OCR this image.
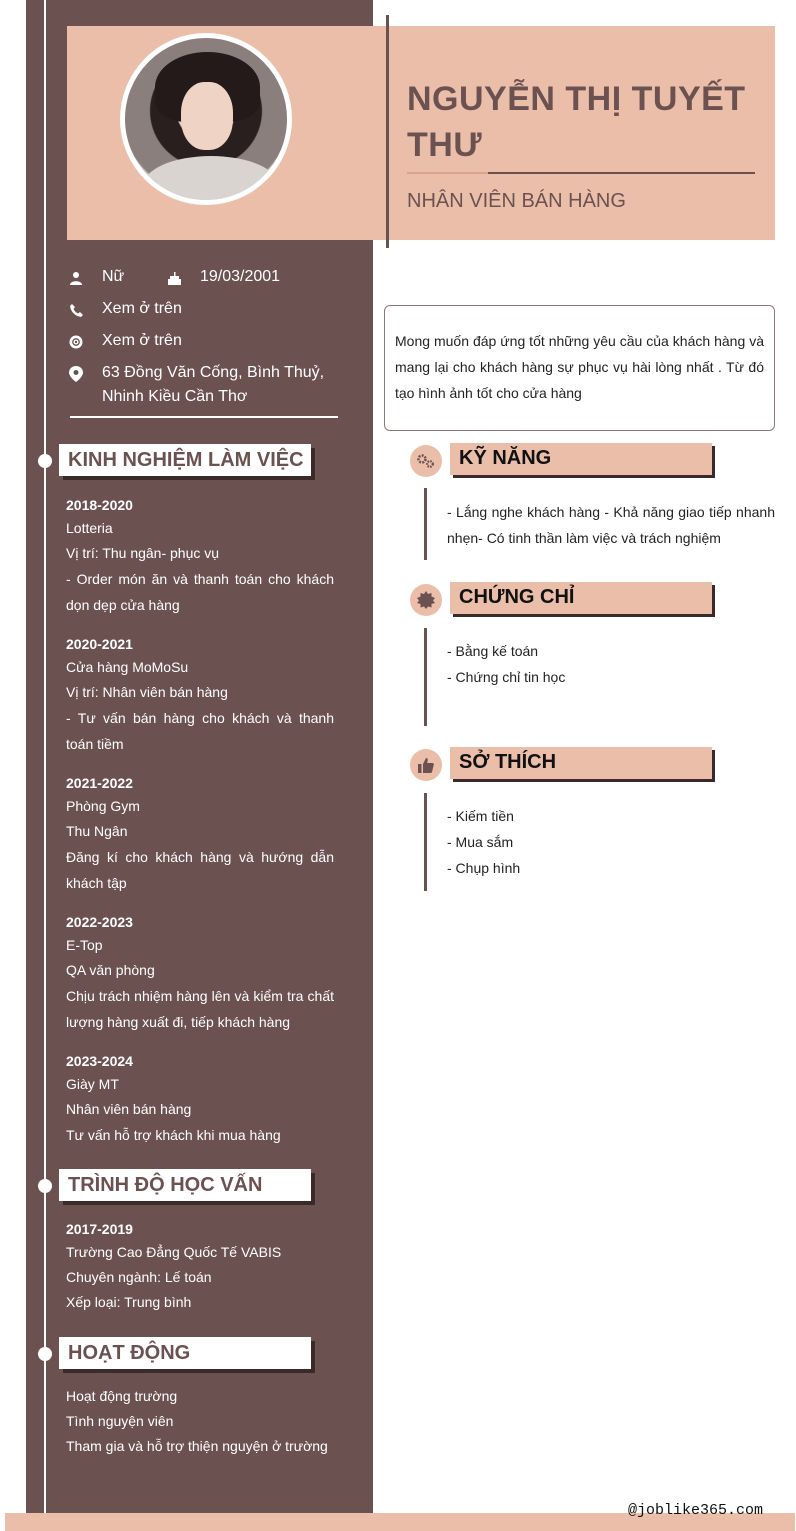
NGUYỄN THỊ TUYẾT THƯ
NHÂN VIÊN BÁN HÀNG
Nữ	19/03/2001
Xem ở trên
Xem ở trên
63 Đồng Văn Cống, Bình Thuỷ, Nhinh Kiều Cần Thơ
KINH NGHIỆM LÀM VIỆC
2018-2020
Lotteria
Vị trí: Thu ngân- phục vụ
- Order món ăn và thanh toán cho khách dọn dẹp cửa hàng
2020-2021
Cửa hàng MoMoSu
Vị trí: Nhân viên bán hàng
- Tư vấn bán hàng cho khách và thanh toán tiềm
2021-2022
Phòng Gym
Thu Ngân
Đăng kí cho khách hàng và hướng dẫn khách tập
2022-2023
E-Top
QA văn phòng
Chịu trách nhiệm hàng lên và kiểm tra chất lượng hàng xuất đi, tiếp khách hàng
2023-2024
Giày MT
Nhân viên bán hàng
Tư vấn hỗ trợ khách khi mua hàng
TRÌNH ĐỘ HỌC VẤN
2017-2019
Trường Cao Đẳng Quốc Tế VABIS
Chuyên ngành: Lế toán
Xếp loại: Trung bình
HOẠT ĐỘNG
Hoạt động trường
Tình nguyện viên
Tham gia và hỗ trợ thiện nguyện ở trường
Mong muốn đáp ứng tốt những yêu cầu của khách hàng và mang lại cho khách hàng sự phục vụ hài lòng nhất . Từ đó tạo hình ảnh tốt cho cửa hàng
KỸ NĂNG
- Lắng nghe khách hàng - Khả năng giao tiếp nhanh nhẹn- Có tinh thần làm việc và trách nghiệm
CHỨNG CHỈ
- Bằng kế toán
- Chứng chỉ tin học
SỞ THÍCH
- Kiếm tiền
- Mua sắm
- Chụp hình
@joblike365.com
